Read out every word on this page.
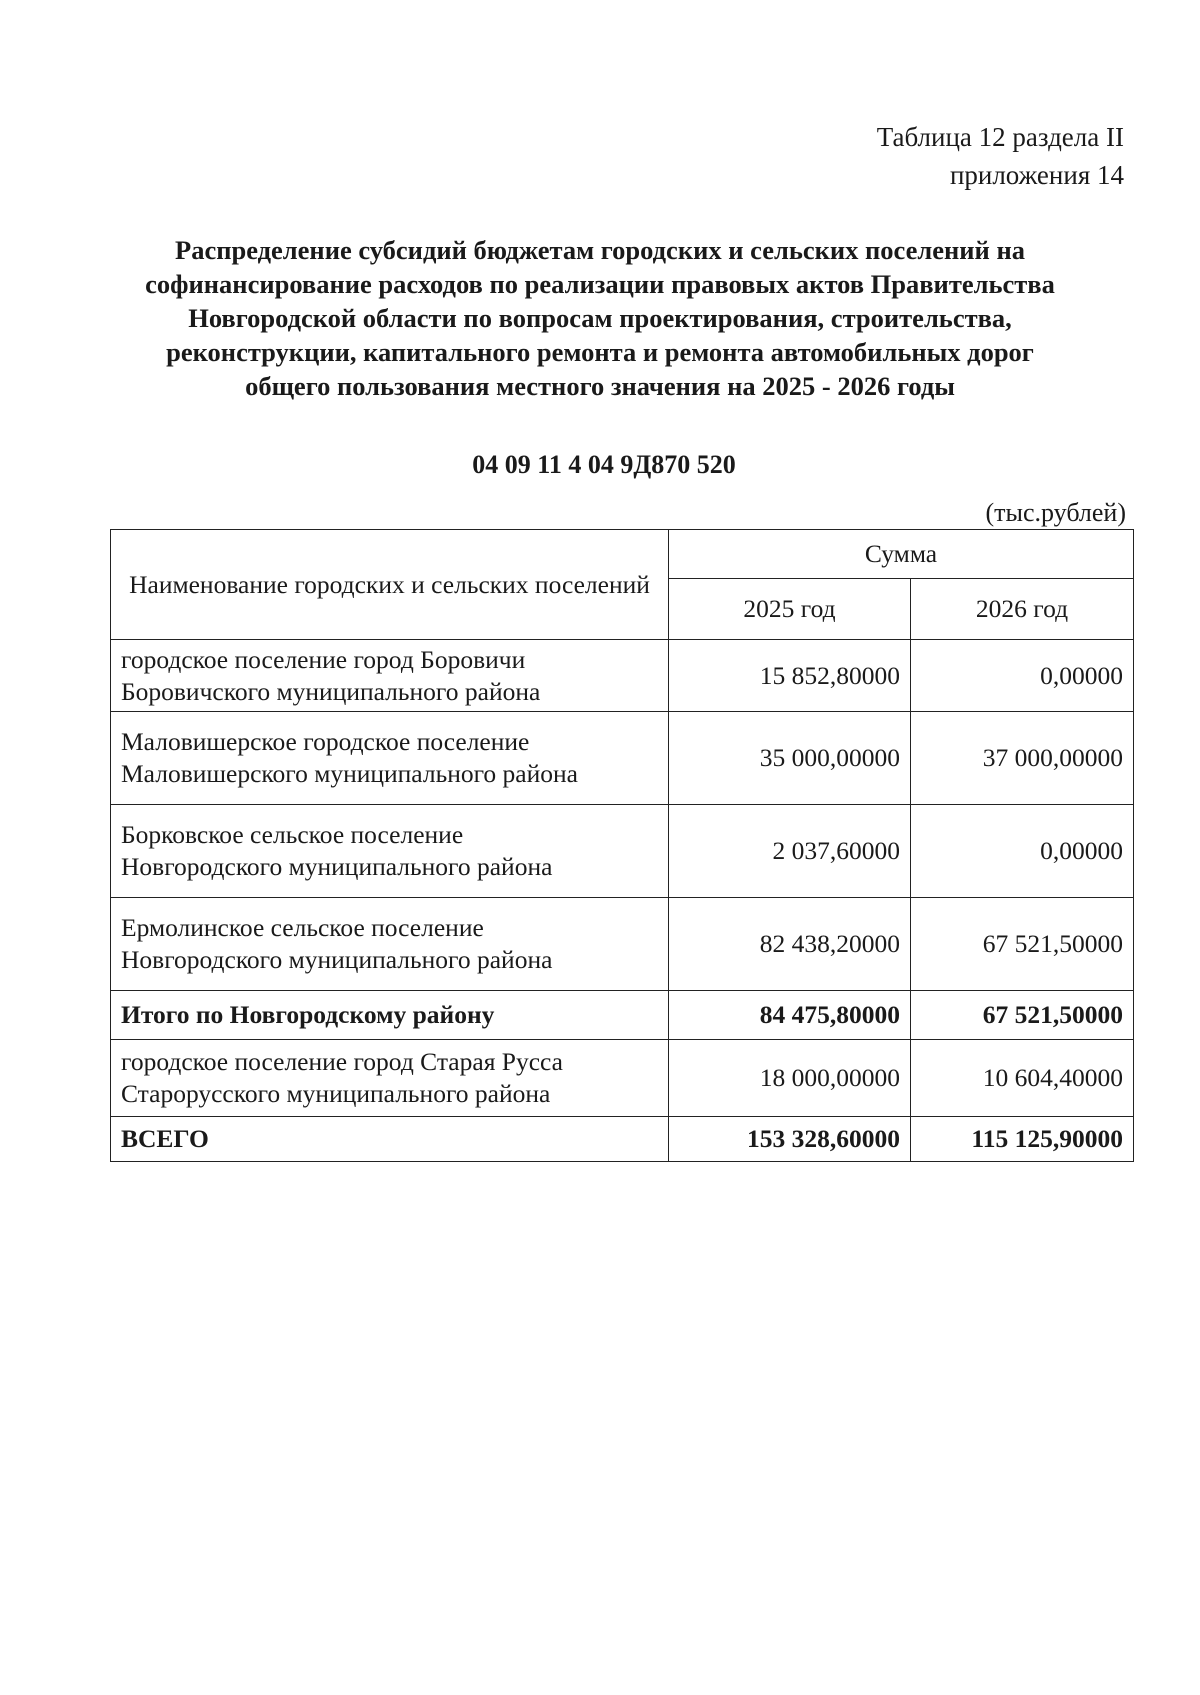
Таблица 12 раздела II
приложения 14
Распределение субсидий бюджетам городских и сельских поселений на
софинансирование расходов по реализации правовых актов Правительства
Новгородской области по вопросам проектирования, строительства,
реконструкции, капитального ремонта и ремонта автомобильных дорог
общего пользования местного значения на 2025 - 2026 годы
04 09 11 4 04 9Д870 520
(тыс.рублей)
Наименование городских и сельских поселений	Сумма	
	2025 год	2026 год

городское поселение город Боровичи
Боровичского муниципального района	15 852,80000	0,00000

Маловишерское городское поселение
Маловишерского муниципального района	35 000,00000	37 000,00000

Борковское сельское поселение
Новгородского муниципального района	2 037,60000	0,00000

Ермолинское сельское поселение
Новгородского муниципального района	82 438,20000	67 521,50000
Итого по Новгородскому району	84 475,80000	67 521,50000

городское поселение город Старая Русса
Старорусского муниципального района	18 000,00000	10 604,40000
ВСЕГО	153 328,60000	115 125,90000
